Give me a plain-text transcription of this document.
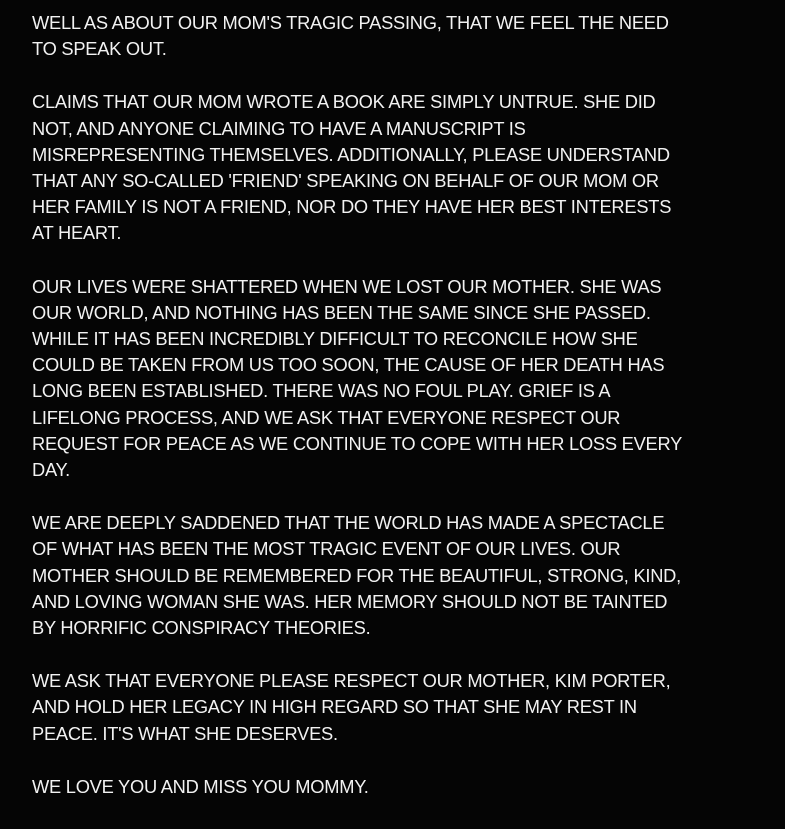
WELL AS ABOUT OUR MOM'S TRAGIC PASSING, THAT WE FEEL THE NEED
TO SPEAK OUT.

CLAIMS THAT OUR MOM WROTE A BOOK ARE SIMPLY UNTRUE. SHE DID
NOT, AND ANYONE CLAIMING TO HAVE A MANUSCRIPT IS
MISREPRESENTING THEMSELVES. ADDITIONALLY, PLEASE UNDERSTAND
THAT ANY SO-CALLED 'FRIEND' SPEAKING ON BEHALF OF OUR MOM OR
HER FAMILY IS NOT A FRIEND, NOR DO THEY HAVE HER BEST INTERESTS
AT HEART.

OUR LIVES WERE SHATTERED WHEN WE LOST OUR MOTHER. SHE WAS
OUR WORLD, AND NOTHING HAS BEEN THE SAME SINCE SHE PASSED.
WHILE IT HAS BEEN INCREDIBLY DIFFICULT TO RECONCILE HOW SHE
COULD BE TAKEN FROM US TOO SOON, THE CAUSE OF HER DEATH HAS
LONG BEEN ESTABLISHED. THERE WAS NO FOUL PLAY. GRIEF IS A
LIFELONG PROCESS, AND WE ASK THAT EVERYONE RESPECT OUR
REQUEST FOR PEACE AS WE CONTINUE TO COPE WITH HER LOSS EVERY
DAY.

WE ARE DEEPLY SADDENED THAT THE WORLD HAS MADE A SPECTACLE
OF WHAT HAS BEEN THE MOST TRAGIC EVENT OF OUR LIVES. OUR
MOTHER SHOULD BE REMEMBERED FOR THE BEAUTIFUL, STRONG, KIND,
AND LOVING WOMAN SHE WAS. HER MEMORY SHOULD NOT BE TAINTED
BY HORRIFIC CONSPIRACY THEORIES.

WE ASK THAT EVERYONE PLEASE RESPECT OUR MOTHER, KIM PORTER,
AND HOLD HER LEGACY IN HIGH REGARD SO THAT SHE MAY REST IN
PEACE. IT'S WHAT SHE DESERVES.

WE LOVE YOU AND MISS YOU MOMMY.
